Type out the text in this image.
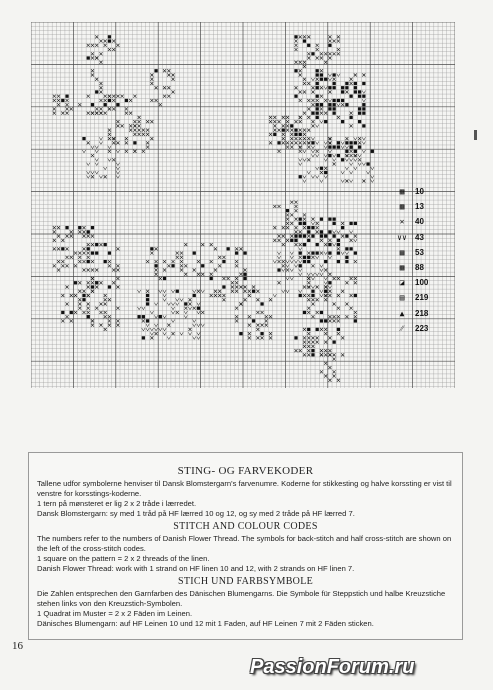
▩	10
▩	13
✕	40
∨∨ 43
▦	53
▩	88
◪	100
▤	219
▲	218
⁄⁄	223
STING- OG FARVEKODER
Tallene udfor symbolerne henviser til Dansk Blomstergarn's farvenumre. Koderne for stikkesting og halve korssting er vist til venstre for korsstings-koderne.
1 tern på mønsteret er lig 2 x 2 tråde i lærredet.
Dansk Blomstergarn: sy med 1 tråd på HF lærred 10 og 12, og sy med 2 tråde på HF lærred 7.
STITCH AND COLOUR CODES
The numbers refer to the numbers of Danish Flower Thread. The symbols for back-stitch and half cross-stitch are shown on the left of the cross-stitch codes.
1 square on the pattern = 2 x 2 threads of the linen.
Danish Flower Thread: work with 1 strand on HF linen 10 and 12, with 2 strands on HF linen 7.
STICH UND FARBSYMBOLE
Die Zahlen entsprechen den Garnfarben des Dänischen Blumengarns. Die Symbole für Steppstich und halbe Kreuzstiche stehen links von den Kreuzstich-Symbolen.
1 Quadrat im Muster = 2 x 2 Fäden im Leinen.
Dänisches Blumengarn: auf HF Leinen 10 und 12 mit 1 Faden, auf HF Leinen 7 mit 2 Fäden sticken.
16
PassionForum.ru
